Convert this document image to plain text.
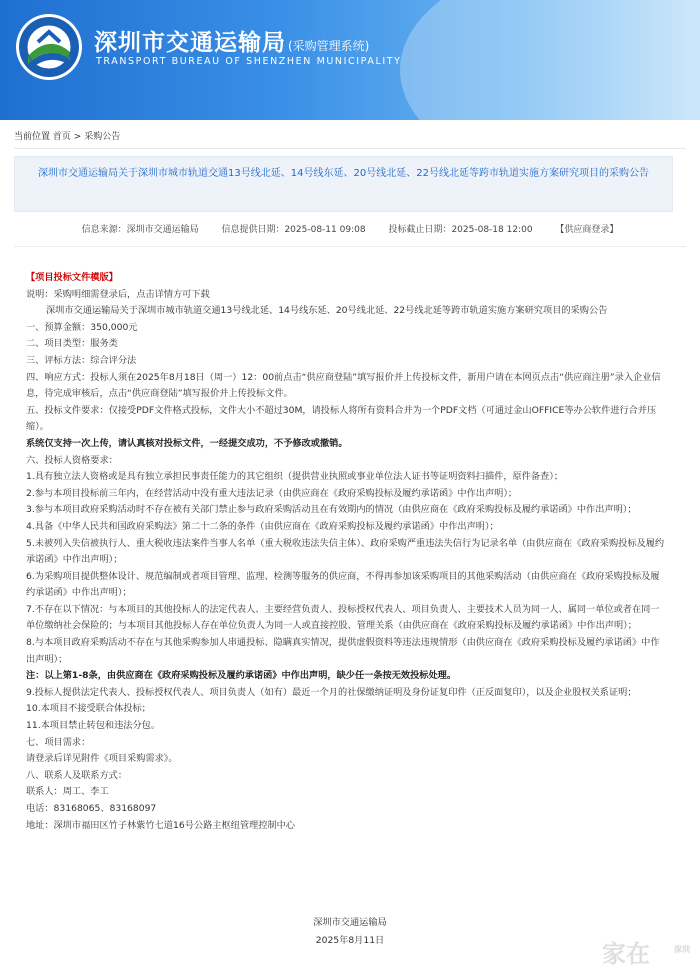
深圳市交通运输局 (采购管理系统)
TRANSPORT BUREAU OF SHENZHEN MUNICIPALITY
当前位置 首页 > 采购公告
深圳市交通运输局关于深圳市城市轨道交通13号线北延、14号线东延、20号线北延、22号线北延等跨市轨道实施方案研究项目的采购公告
信息来源：深圳市交通运输局	信息提供日期：2025-08-11 09:08	投标截止日期：2025-08-18 12:00	【供应商登录】
【项目投标文件模版】
说明：采购明细需登录后，点击详情方可下载
深圳市交通运输局关于深圳市城市轨道交通13号线北延、14号线东延、20号线北延、22号线北延等跨市轨道实施方案研究项目的采购公告
一、预算金额：350,000元
二、项目类型：服务类
三、评标方法：综合评分法
四、响应方式：投标人须在2025年8月18日（周一）12：00前点击“供应商登陆”填写报价并上传投标文件，新用户请在本网页点击“供应商注册”录入企业信息，待完成审核后，点击“供应商登陆”填写报价并上传投标文件。
五、投标文件要求：仅接受PDF文件格式投标，文件大小不超过30M，请投标人将所有资料合并为一个PDF文档（可通过金山OFFICE等办公软件进行合并压缩）。
系统仅支持一次上传，请认真核对投标文件，一经提交成功，不予修改或撤销。
六、投标人资格要求：
1.具有独立法人资格或是具有独立承担民事责任能力的其它组织（提供营业执照或事业单位法人证书等证明资料扫描件，原件备查）；
2.参与本项目投标前三年内，在经营活动中没有重大违法记录（由供应商在《政府采购投标及履约承诺函》中作出声明）；
3.参与本项目政府采购活动时不存在被有关部门禁止参与政府采购活动且在有效期内的情况（由供应商在《政府采购投标及履约承诺函》中作出声明）；
4.具备《中华人民共和国政府采购法》第二十二条的条件（由供应商在《政府采购投标及履约承诺函》中作出声明）；
5.未被列入失信被执行人、重大税收违法案件当事人名单（重大税收违法失信主体）、政府采购严重违法失信行为记录名单（由供应商在《政府采购投标及履约承诺函》中作出声明）；
6.为采购项目提供整体设计、规范编制或者项目管理、监理、检测等服务的供应商，不得再参加该采购项目的其他采购活动（由供应商在《政府采购投标及履约承诺函》中作出声明）；
7.不存在以下情况：与本项目的其他投标人的法定代表人、主要经营负责人、投标授权代表人、项目负责人、主要技术人员为同一人、属同一单位或者在同一单位缴纳社会保险的；与本项目其他投标人存在单位负责人为同一人或直接控股、管理关系（由供应商在《政府采购投标及履约承诺函》中作出声明）；
8.与本项目政府采购活动不存在与其他采购参加人串通投标、隐瞒真实情况，提供虚假资料等违法违规情形（由供应商在《政府采购投标及履约承诺函》中作出声明）；
注：以上第1-8条，由供应商在《政府采购投标及履约承诺函》中作出声明，缺少任一条按无效投标处理。
9.投标人提供法定代表人、投标授权代表人、项目负责人（如有）最近一个月的社保缴纳证明及身份证复印件（正反面复印），以及企业股权关系证明；
10.本项目不接受联合体投标；
11.本项目禁止转包和违法分包。
七、项目需求：
请登录后详见附件《项目采购需求》。
八、联系人及联系方式：
联系人：周工、李工
电话：83168065、83168097
地址：深圳市福田区竹子林紫竹七道16号公路主枢纽管理控制中心
深圳市交通运输局
2025年8月11日	家在	深圳
